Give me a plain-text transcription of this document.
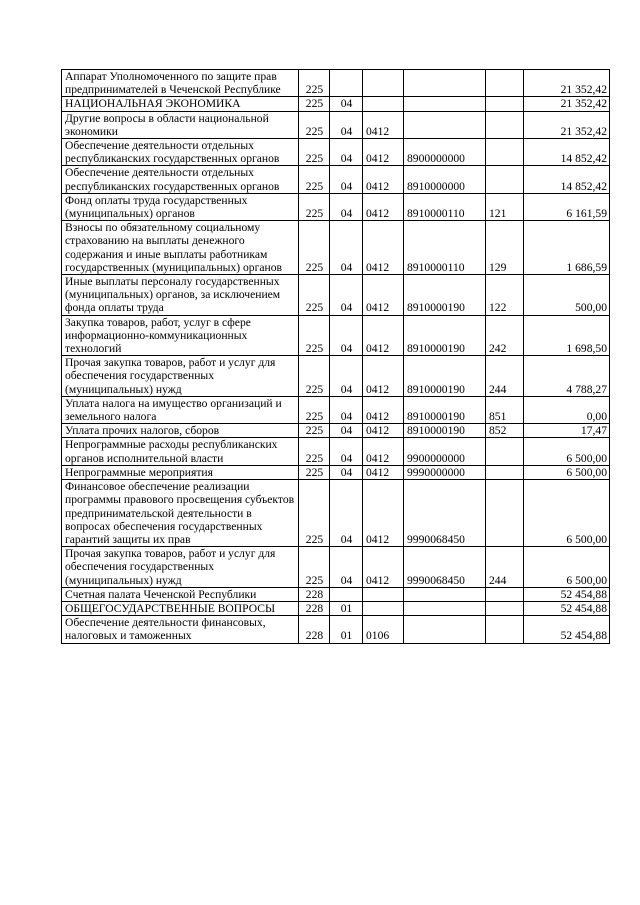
Аппарат Уполномоченного по защите прав предпринимателей в Чеченской Республике	225					21 352,42
НАЦИОНАЛЬНАЯ ЭКОНОМИКА	225	04				21 352,42
Другие вопросы в области национальной экономики	225	04	0412			21 352,42
Обеспечение деятельности отдельных республиканских государственных органов	225	04	0412	8900000000		14 852,42
Обеспечение деятельности отдельных республиканских государственных органов	225	04	0412	8910000000		14 852,42
Фонд оплаты труда государственных (муниципальных) органов	225	04	0412	8910000110	121	6 161,59
Взносы по обязательному социальному страхованию на выплаты денежного содержания и иные выплаты работникам государственных (муниципальных) органов	225	04	0412	8910000110	129	1 686,59
Иные выплаты персоналу государственных (муниципальных) органов, за исключением фонда оплаты труда	225	04	0412	8910000190	122	500,00
Закупка товаров, работ, услуг в сфере информационно-коммуникационных технологий	225	04	0412	8910000190	242	1 698,50
Прочая закупка товаров, работ и услуг для обеспечения государственных (муниципальных) нужд	225	04	0412	8910000190	244	4 788,27
Уплата налога на имущество организаций и земельного налога	225	04	0412	8910000190	851	0,00
Уплата прочих налогов, сборов	225	04	0412	8910000190	852	17,47
Непрограммные расходы республиканских органов исполнительной власти	225	04	0412	9900000000		6 500,00
Непрограммные мероприятия	225	04	0412	9990000000		6 500,00
Финансовое обеспечение реализации программы правового просвещения субъектов предпринимательской деятельности в вопросах обеспечения государственных гарантий защиты их прав	225	04	0412	9990068450		6 500,00
Прочая закупка товаров, работ и услуг для обеспечения государственных (муниципальных) нужд	225	04	0412	9990068450	244	6 500,00
Счетная палата Чеченской Республики	228					52 454,88
ОБЩЕГОСУДАРСТВЕННЫЕ ВОПРОСЫ	228	01				52 454,88
Обеспечение деятельности финансовых, налоговых и таможенных	228	01	0106			52 454,88
